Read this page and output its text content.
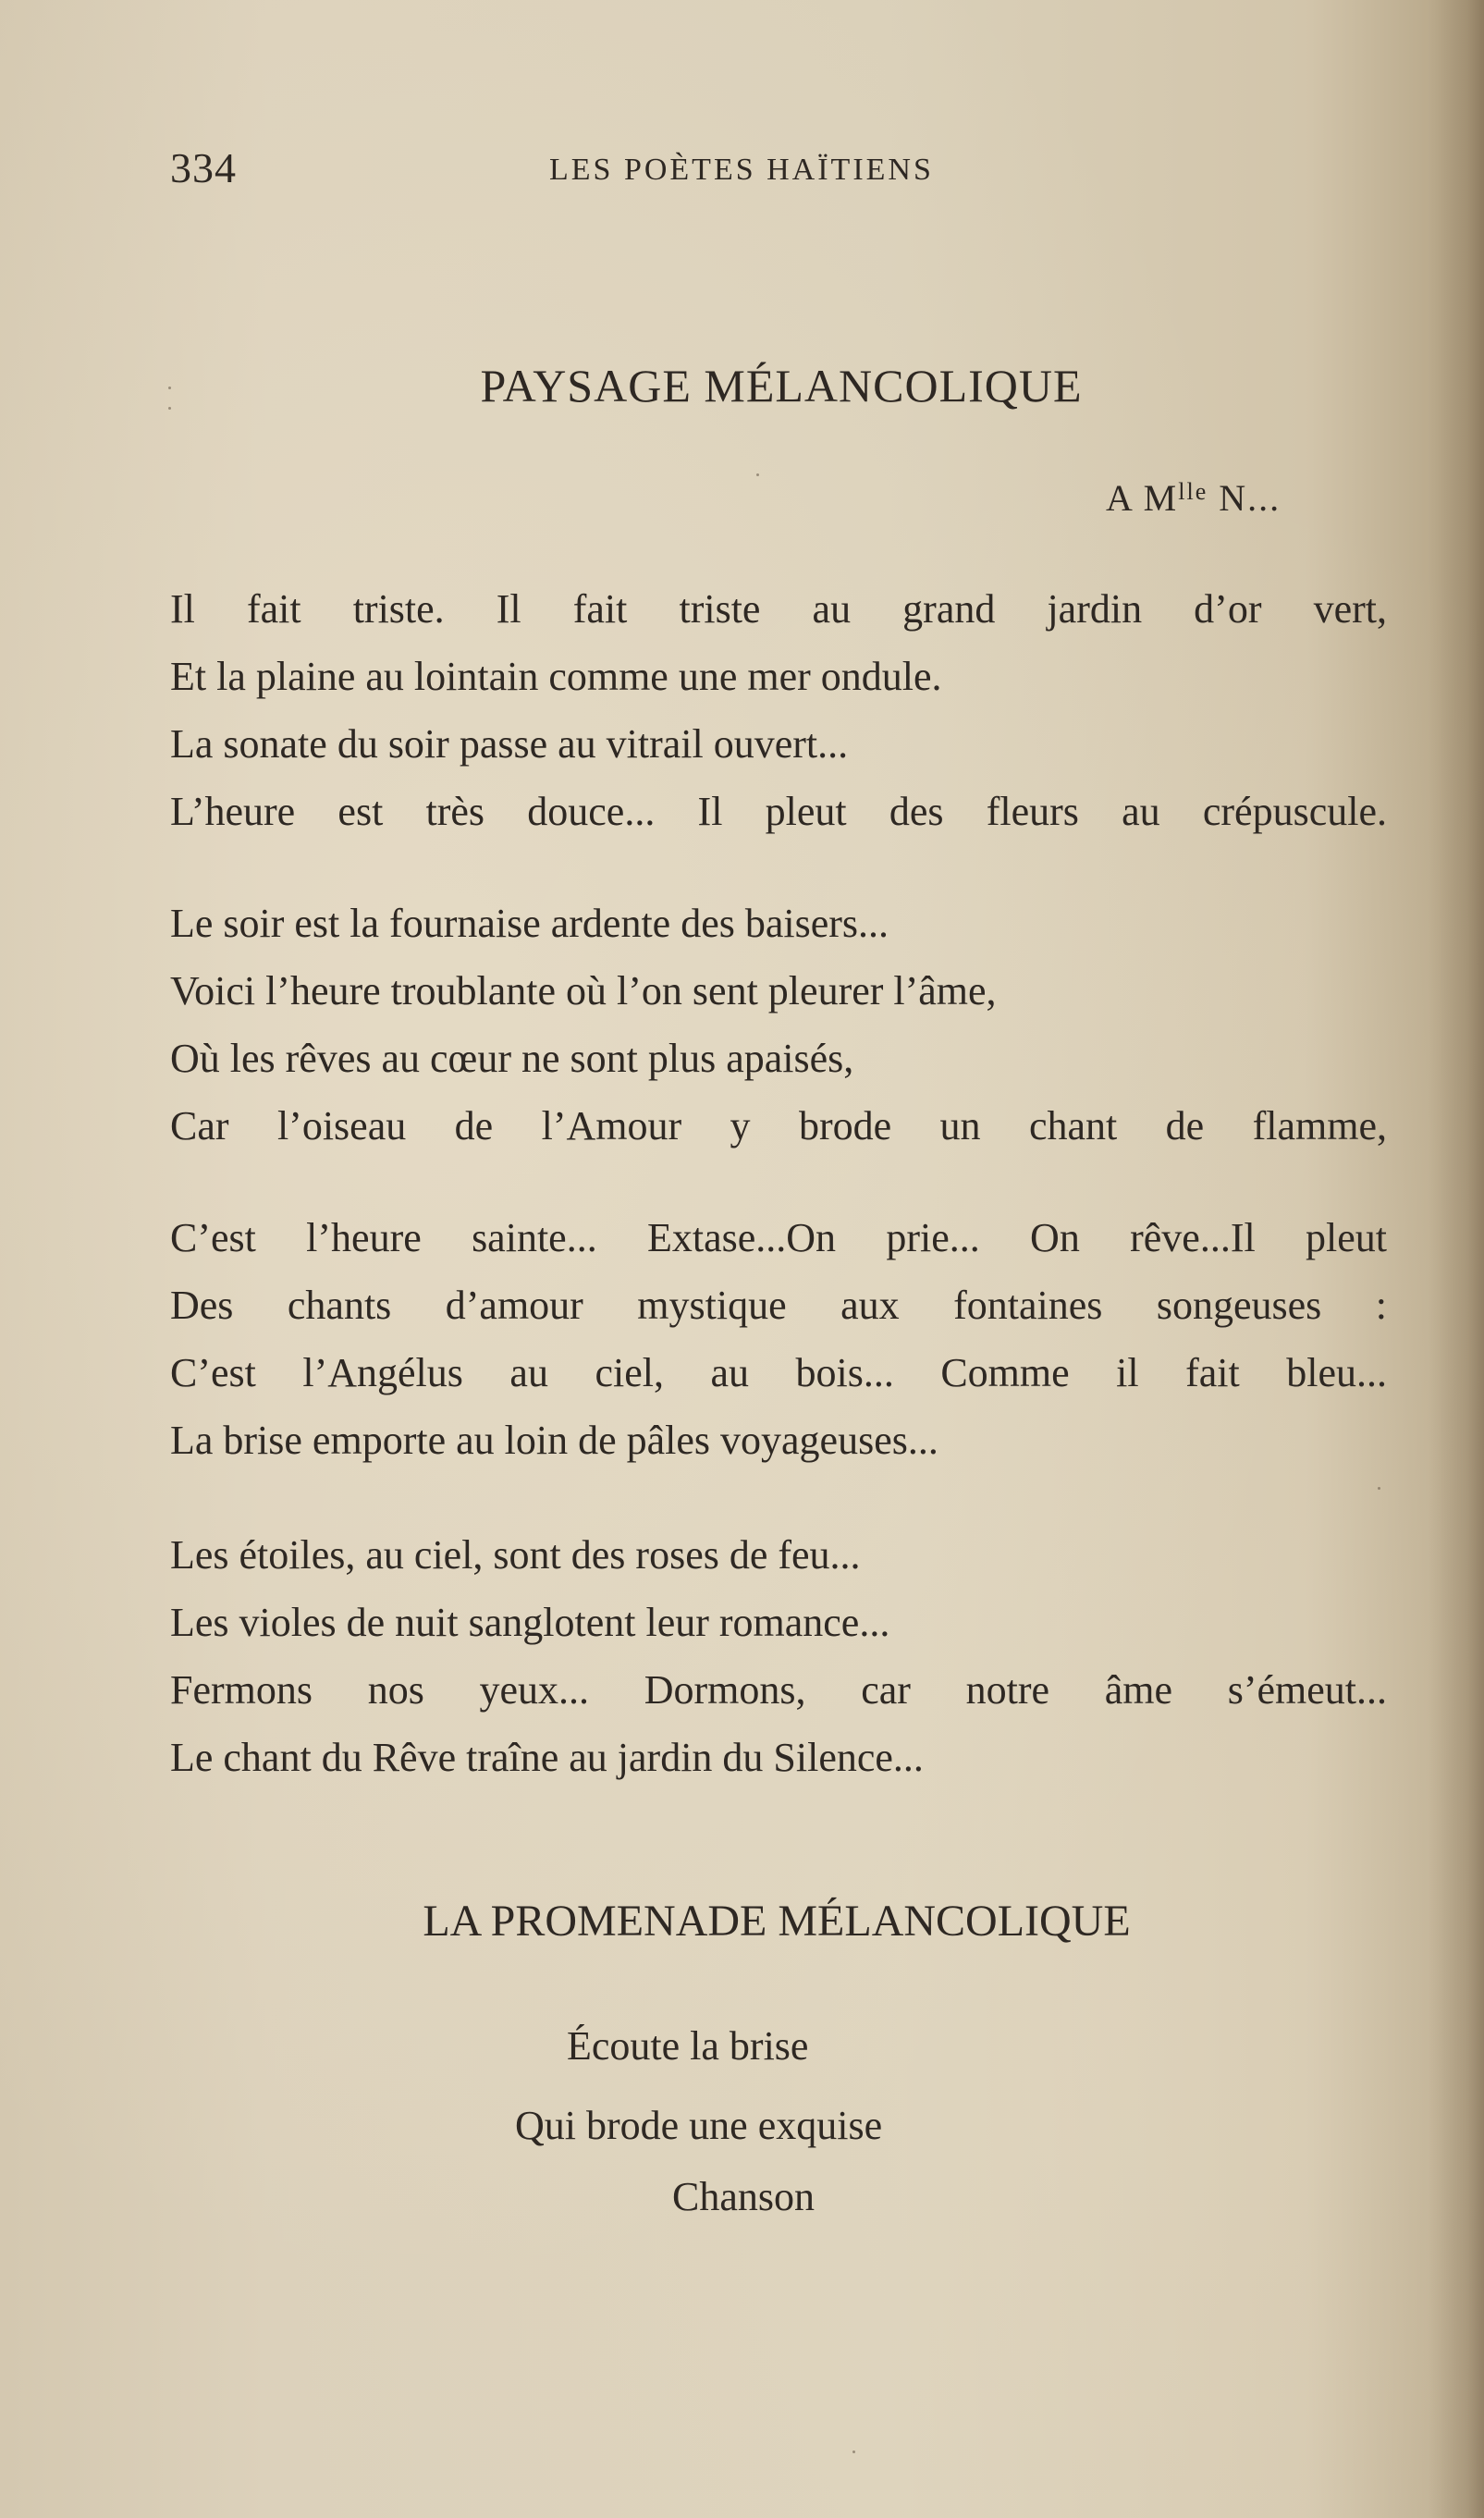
334	LES POÈTES HAÏTIENS
PAYSAGE MÉLANCOLIQUE
A $M^{lle}$ N...
Il fait triste. Il fait triste au grand jardin d’or vert,
Et la plaine au lointain comme une mer ondule.
La sonate du soir passe au vitrail ouvert...
L’heure est très douce... Il pleut des fleurs au crépuscule.
Le soir est la fournaise ardente des baisers...
Voici l’heure troublante où l’on sent pleurer l’âme,
Où les rêves au cœur ne sont plus apaisés,
Car l’oiseau de l’Amour y brode un chant de flamme,
C’est l’heure sainte... Extase...On prie... On rêve...Il pleut
Des chants d’amour mystique aux fontaines songeuses :
C’est l’Angélus au ciel, au bois... Comme il fait bleu...
La brise emporte au loin de pâles voyageuses...
Les étoiles, au ciel, sont des roses de feu...
Les violes de nuit sanglotent leur romance...
Fermons nos yeux... Dormons, car notre âme s’émeut...
Le chant du Rêve traîne au jardin du Silence...
LA PROMENADE MÉLANCOLIQUE
Écoute la brise
Qui brode une exquise
Chanson
